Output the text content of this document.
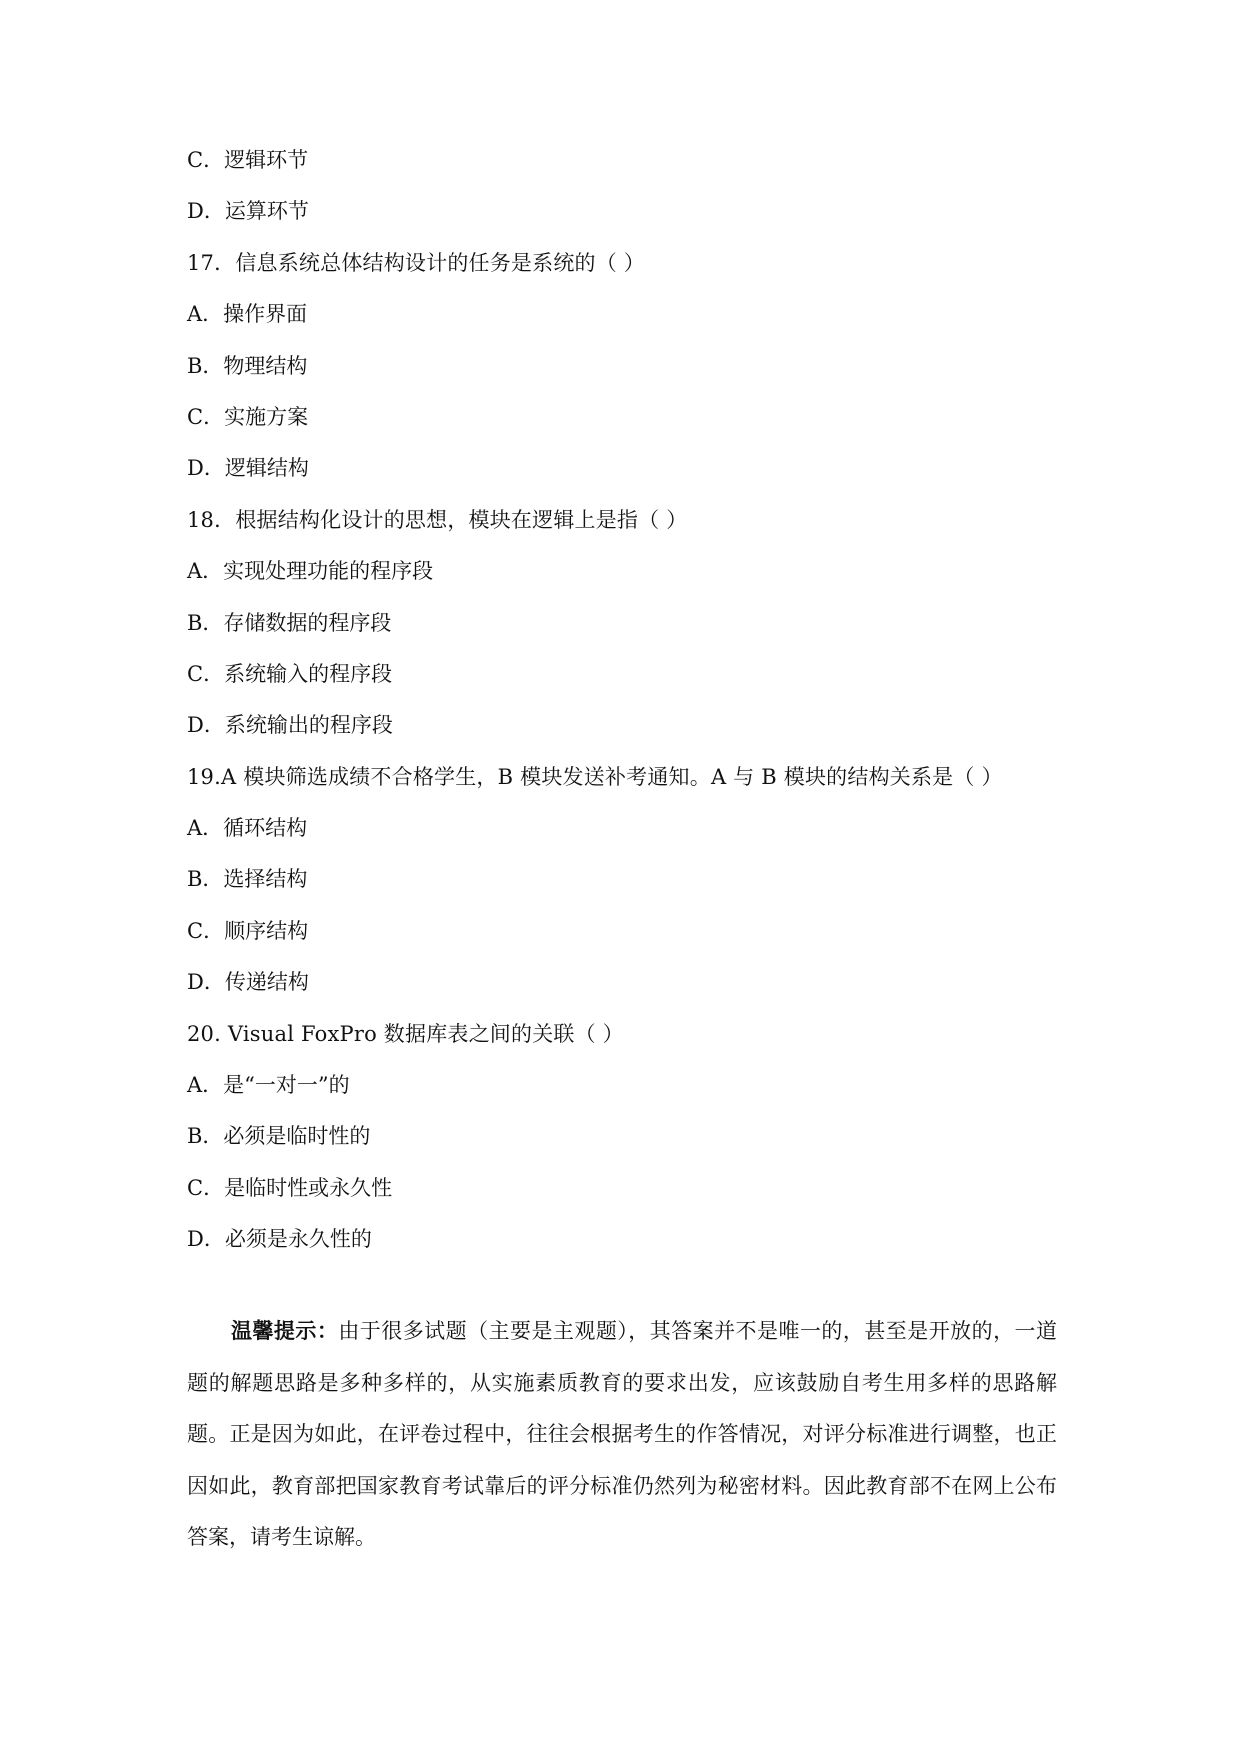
C．逻辑环节
D．运算环节
17．信息系统总体结构设计的任务是系统的（ ）
A．操作界面
B．物理结构
C．实施方案
D．逻辑结构
18．根据结构化设计的思想，模块在逻辑上是指（ ）
A．实现处理功能的程序段
B．存储数据的程序段
C．系统输入的程序段
D．系统输出的程序段
19.A 模块筛选成绩不合格学生，B 模块发送补考通知。A 与 B 模块的结构关系是（ ）
A．循环结构
B．选择结构
C．顺序结构
D．传递结构
20. Visual FoxPro 数据库表之间的关联（ ）
A．是“一对一”的
B．必须是临时性的
C．是临时性或永久性
D．必须是永久性的

温馨提示：由于很多试题（主要是主观题），其答案并不是唯一的，甚至是开放的，一道题的解题思路是多种多样的，从实施素质教育的要求出发，应该鼓励自考生用多样的思路解题。正是因为如此，在评卷过程中，往往会根据考生的作答情况，对评分标准进行调整，也正因如此，教育部把国家教育考试靠后的评分标准仍然列为秘密材料。因此教育部不在网上公布答案，请考生谅解。
